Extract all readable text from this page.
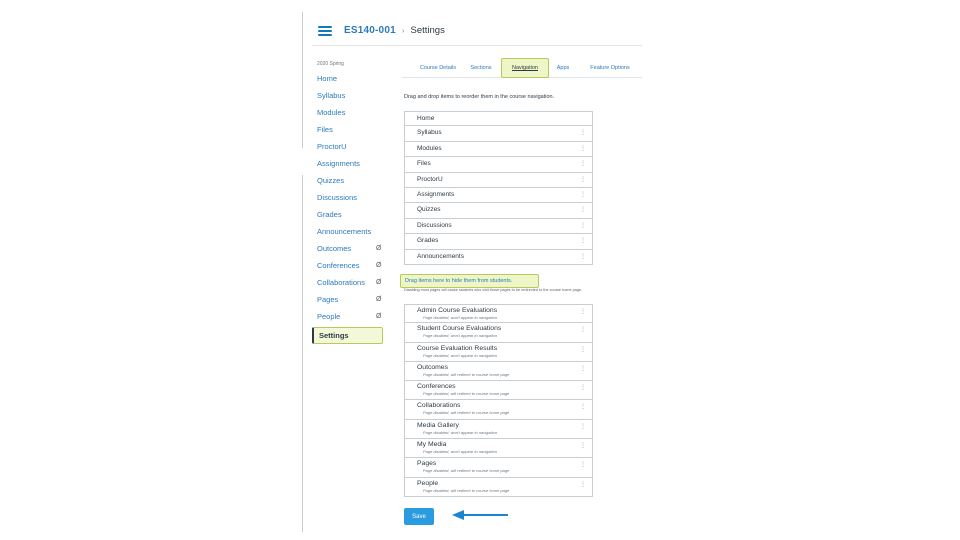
ES140-001 › Settings
2020 Spring
Home
Syllabus
Modules
Files
ProctorU
Assignments
Quizzes
Discussions
Grades
Announcements
Outcomes	Ø
Conferences Ø
Collaborations Ø
Pages	Ø
People	Ø
Settings
Course Details	Sections	Navigation	Apps	Feature Options
Drag and drop items to reorder them in the course navigation.
Home
Syllabus	⋮
Modules	⋮
Files	⋮
ProctorU	⋮
Assignments	⋮
Quizzes	⋮
Discussions	⋮
Grades	⋮
Announcements	⋮
Drag items here to hide them from students.
Disabling most pages will cause students who visit those pages to be redirected to the course home page.
Admin Course Evaluations
Page disabled, won't appear in navigation
⋮
Student Course Evaluations
Page disabled, won't appear in navigation
⋮
Course Evaluation Results
Page disabled, won't appear in navigation
⋮
Outcomes
Page disabled, will redirect to course home page
⋮
Conferences
Page disabled, will redirect to course home page
⋮
Collaborations
Page disabled, will redirect to course home page
⋮
Media Gallery
Page disabled, won't appear in navigation
⋮
My Media
Page disabled, won't appear in navigation
⋮
Pages
Page disabled, will redirect to course home page
⋮
People
Page disabled, will redirect to course home page
⋮
Save
